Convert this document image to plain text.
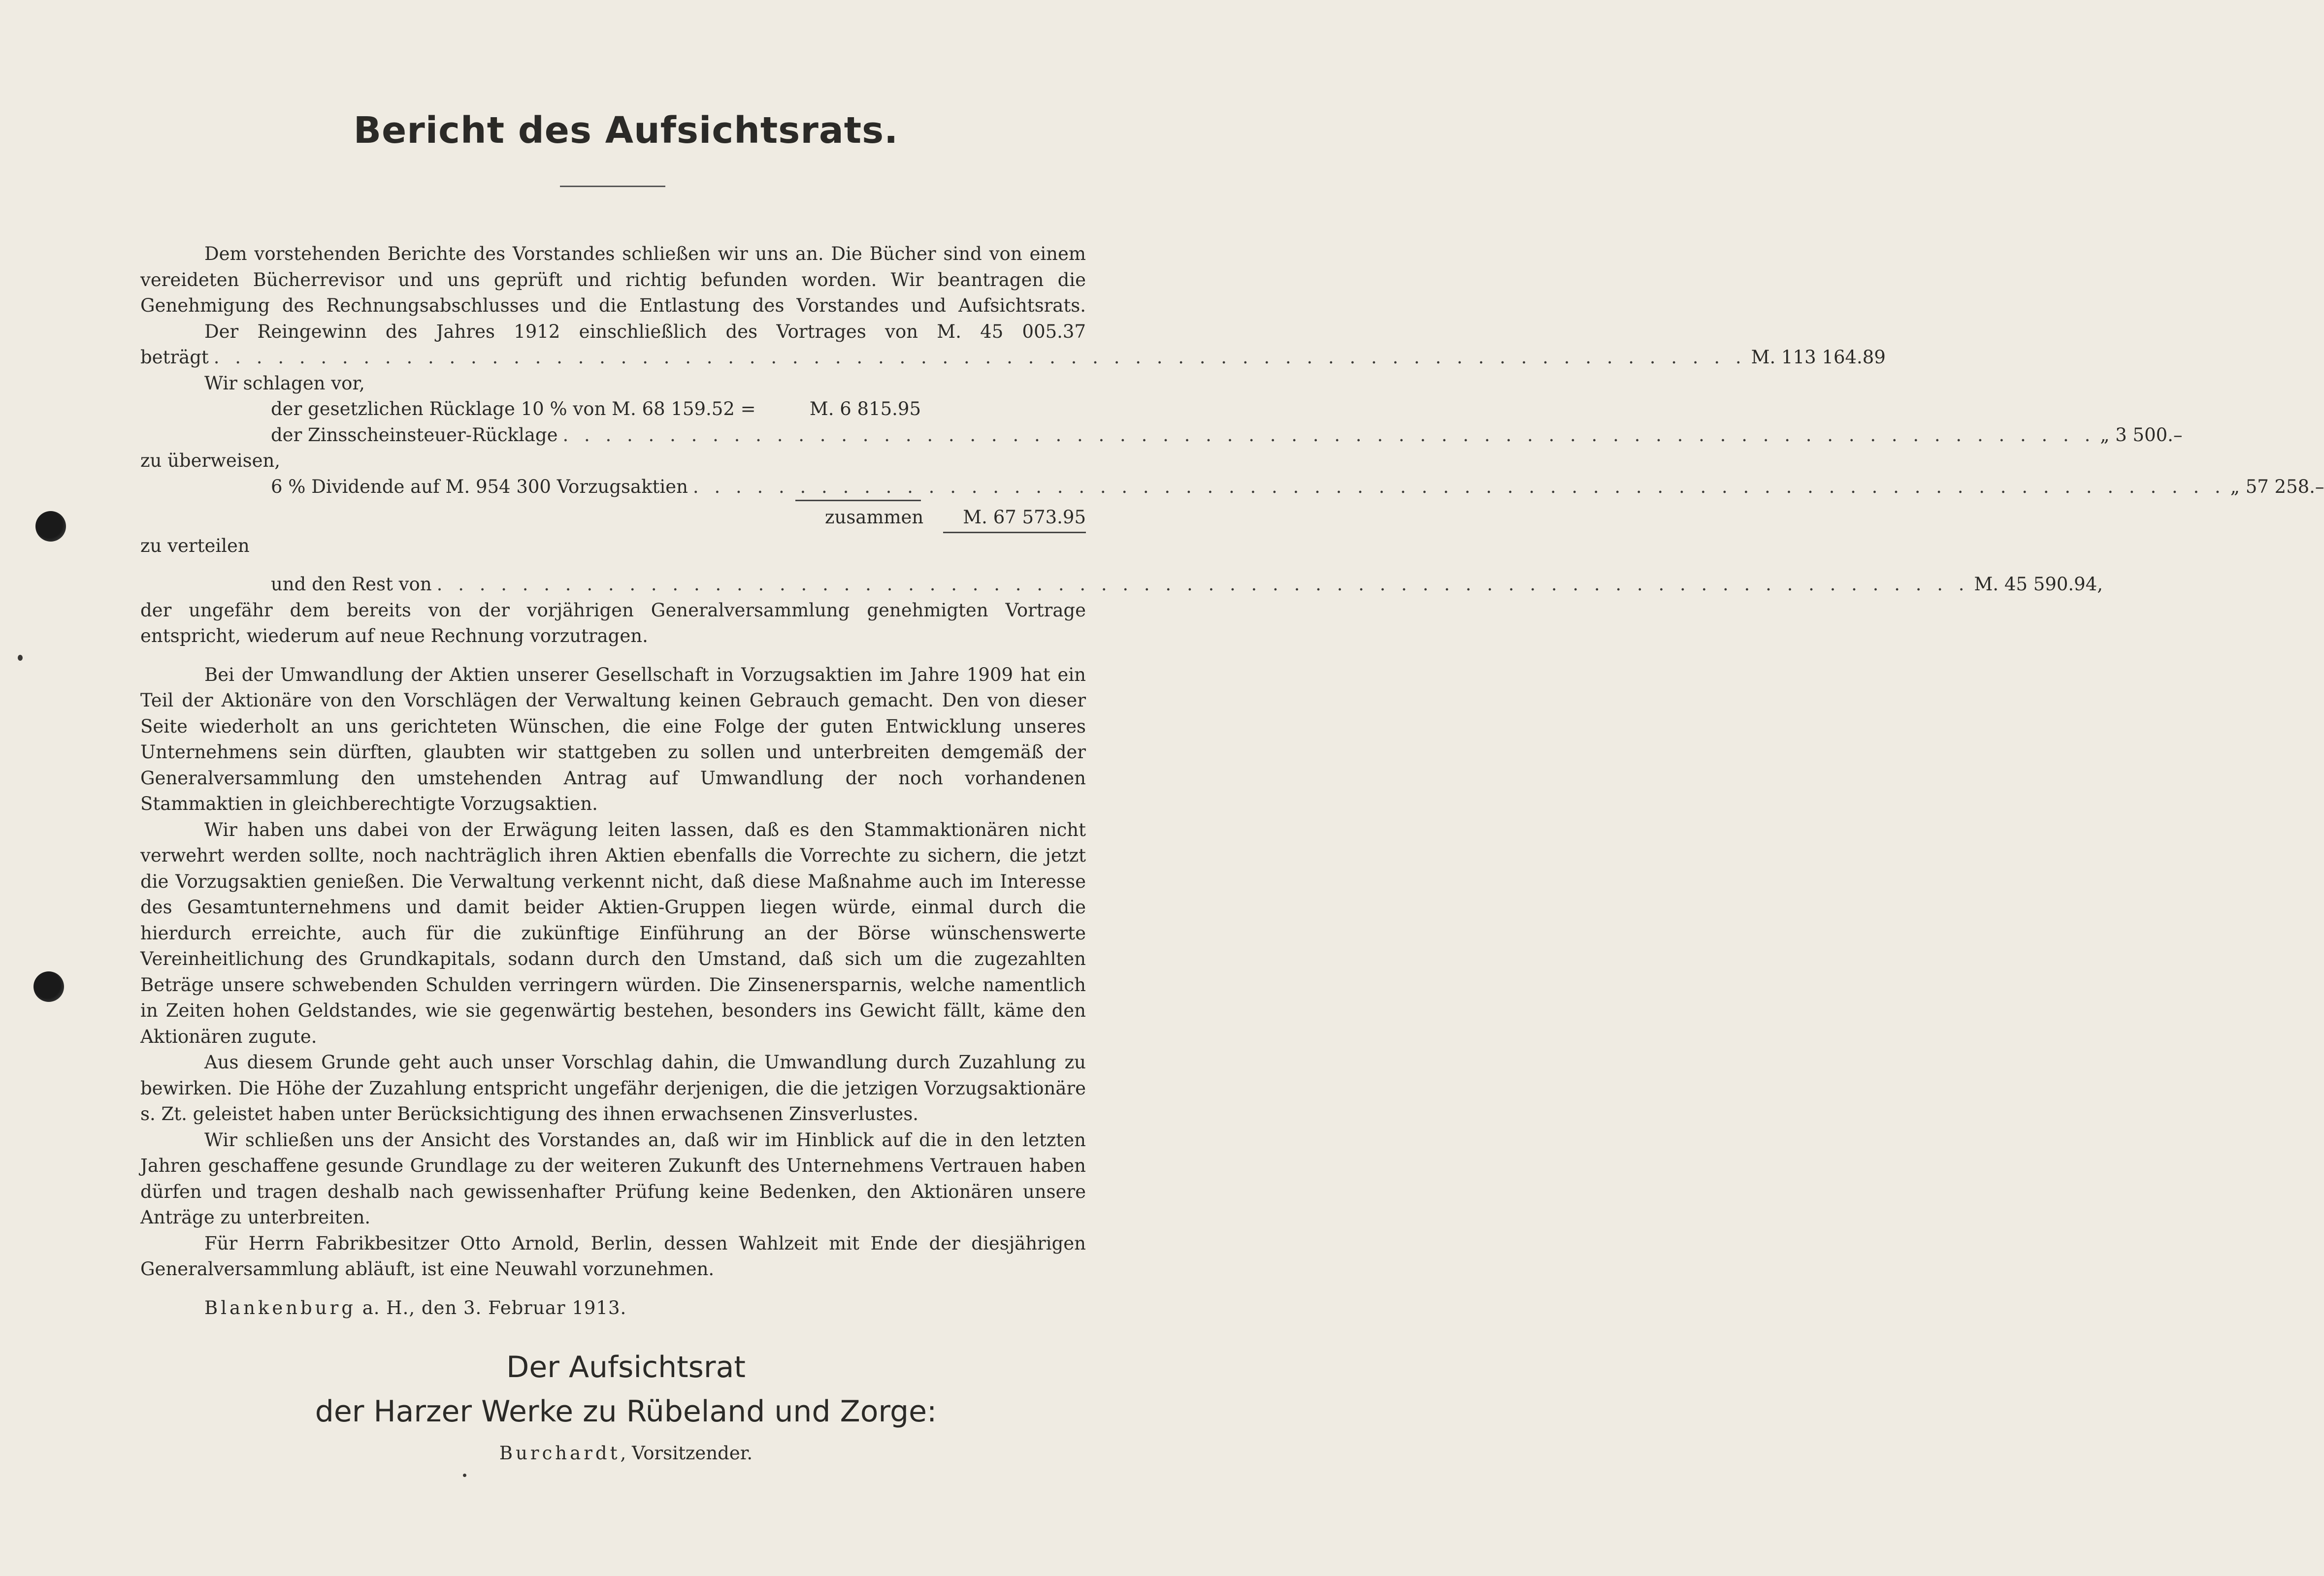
Bericht des Aufsichtsrats.

Dem vorstehenden Berichte des Vorstandes schließen wir uns an. Die Bücher sind von einem vereideten Bücherrevisor und uns geprüft und richtig befunden worden. Wir beantragen die Genehmigung des Rechnungsabschlusses und die Entlastung des Vorstandes und Aufsichtsrats.

Der Reingewinn des Jahres 1912 einschließlich des Vortrages von M. 45 005.37

beträgt . . . . . . . . . . . . . . . . . . . . . . . . . . . . . . . . . . . . . . . . . . . . . . . . . . . . . . . . . . . . . . . . . . . . . . . . M. 113 164.89
Wir schlagen vor,
der gesetzlichen Rücklage 10 % von M. 68 159.52 =	M. 6 815.95
der Zinsscheinsteuer-Rücklage . . . . . . . . . . . . . . . . . . . . . . . . . . . . . . . . . . . . . . . . . . . . . . . . . . . . . . . . . . . . . . . . . . . . . . . . „ 3 500.–
zu überweisen,
6 % Dividende auf M. 954 300 Vorzugsaktien . . . . . . . . . . . . . . . . . . . . . . . . . . . . . . . . . . . . . . . . . . . . . . . . . . . . . . . . . . . . . . . . . . . . . . . . „ 57 258.–
zusammen M. 67 573.95
zu verteilen
und den Rest von . . . . . . . . . . . . . . . . . . . . . . . . . . . . . . . . . . . . . . . . . . . . . . . . . . . . . . . . . . . . . . . . . . . . . . . . M. 45 590.94,

der ungefähr dem bereits von der vorjährigen Generalversammlung genehmigten Vortrage entspricht, wiederum auf neue Rechnung vorzutragen.

Bei der Umwandlung der Aktien unserer Gesellschaft in Vorzugsaktien im Jahre 1909 hat ein Teil der Aktionäre von den Vorschlägen der Verwaltung keinen Gebrauch gemacht. Den von dieser Seite wiederholt an uns gerichteten Wünschen, die eine Folge der guten Entwicklung unseres Unternehmens sein dürften, glaubten wir stattgeben zu sollen und unterbreiten demgemäß der Generalversammlung den umstehenden Antrag auf Umwandlung der noch vorhandenen Stammaktien in gleichberechtigte Vorzugsaktien.

Wir haben uns dabei von der Erwägung leiten lassen, daß es den Stammaktionären nicht verwehrt werden sollte, noch nachträglich ihren Aktien ebenfalls die Vorrechte zu sichern, die jetzt die Vorzugsaktien genießen. Die Verwaltung verkennt nicht, daß diese Maßnahme auch im Interesse des Gesamtunternehmens und damit beider Aktien-Gruppen liegen würde, einmal durch die hierdurch erreichte, auch für die zukünftige Einführung an der Börse wünschenswerte Vereinheitlichung des Grundkapitals, sodann durch den Umstand, daß sich um die zugezahlten Beträge unsere schwebenden Schulden verringern würden. Die Zinsenersparnis, welche namentlich in Zeiten hohen Geldstandes, wie sie gegenwärtig bestehen, besonders ins Gewicht fällt, käme den Aktionären zugute.

Aus diesem Grunde geht auch unser Vorschlag dahin, die Umwandlung durch Zuzahlung zu bewirken. Die Höhe der Zuzahlung entspricht ungefähr derjenigen, die die jetzigen Vorzugsaktionäre s. Zt. geleistet haben unter Berücksichtigung des ihnen erwachsenen Zinsverlustes.

Wir schließen uns der Ansicht des Vorstandes an, daß wir im Hinblick auf die in den letzten Jahren geschaffene gesunde Grundlage zu der weiteren Zukunft des Unternehmens Vertrauen haben dürfen und tragen deshalb nach gewissenhafter Prüfung keine Bedenken, den Aktionären unsere Anträge zu unterbreiten.

Für Herrn Fabrikbesitzer Otto Arnold, Berlin, dessen Wahlzeit mit Ende der diesjährigen Generalversammlung abläuft, ist eine Neuwahl vorzunehmen.

Blankenburg a. H., den 3. Februar 1913.

Der Aufsichtsrat
der Harzer Werke zu Rübeland und Zorge:
Burchardt, Vorsitzender.
